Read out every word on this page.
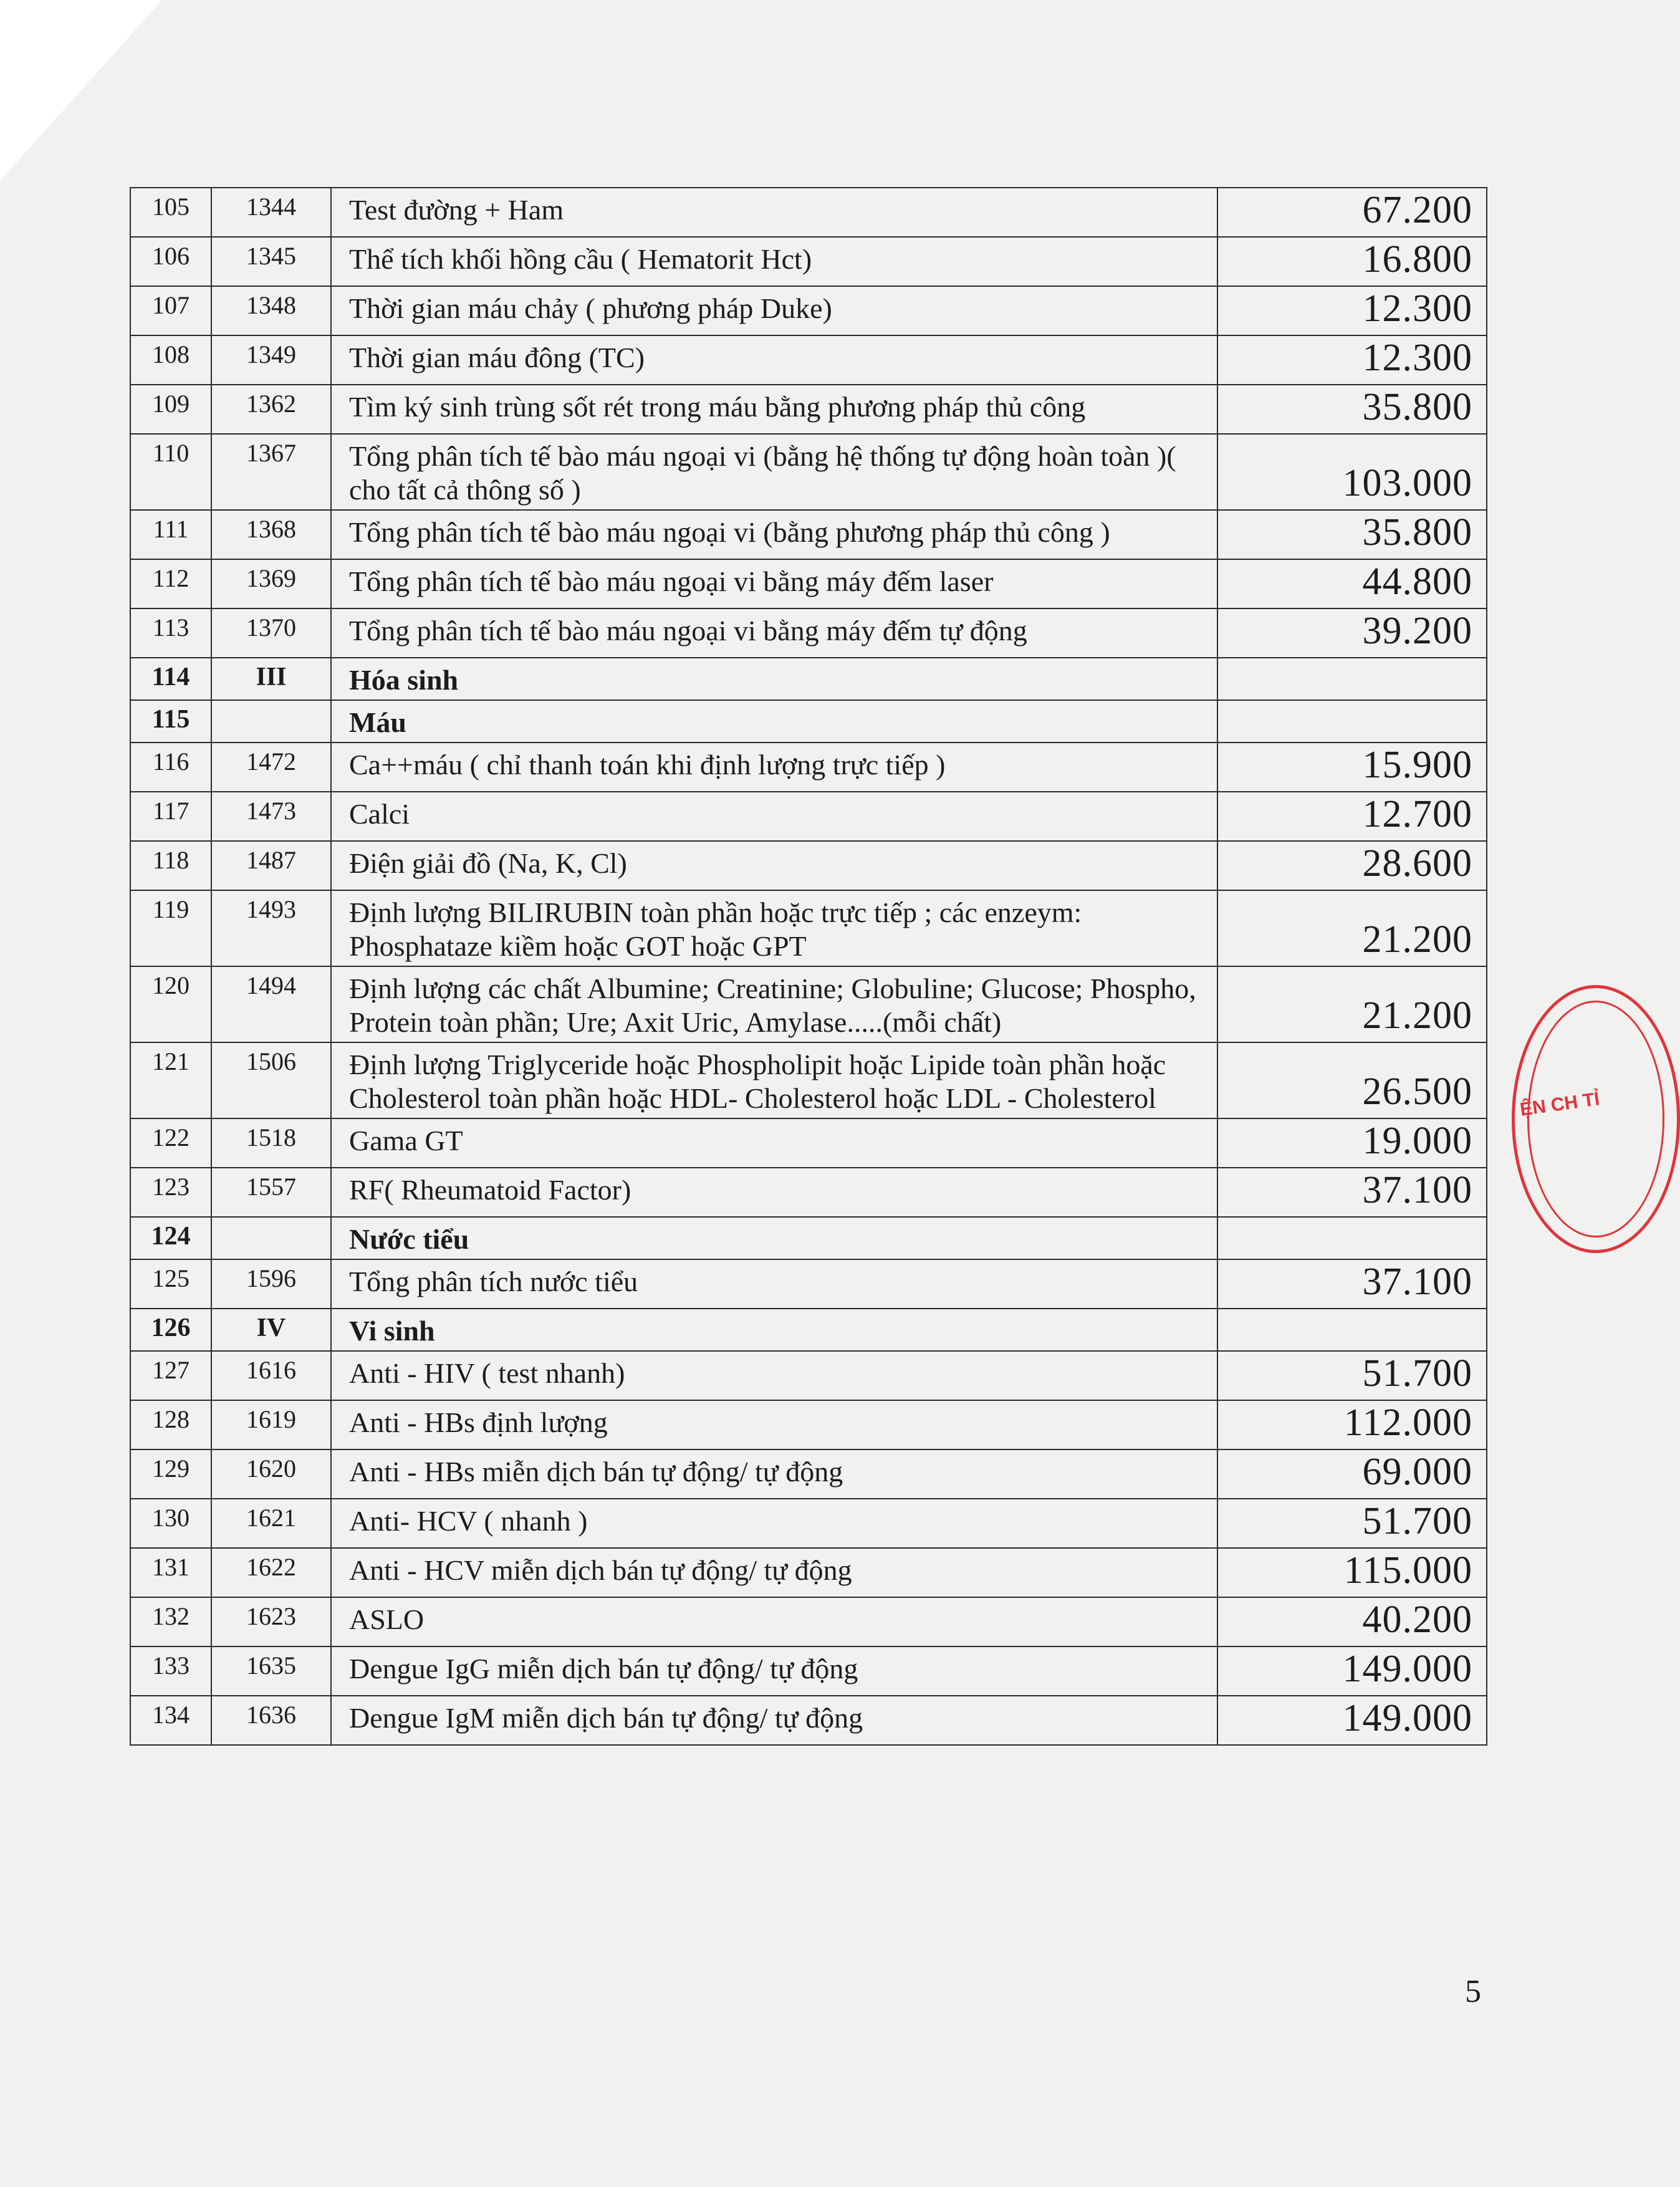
105	1344	Test đường + Ham	67.200
106	1345	Thể tích khối hồng cầu ( Hematorit Hct)	16.800
107	1348	Thời gian máu chảy ( phương pháp Duke)	12.300
108	1349	Thời gian máu đông (TC)	12.300
109	1362	Tìm ký sinh trùng sốt rét trong máu bằng phương pháp thủ công	35.800
110	1367	Tổng phân tích tế bào máu ngoại vi (bằng hệ thống tự động hoàn toàn )( cho tất cả thông số )	103.000
111	1368	Tổng phân tích tế bào máu ngoại vi (bằng phương pháp thủ công )	35.800
112	1369	Tổng phân tích tế bào máu ngoại vi bằng máy đếm laser	44.800
113	1370	Tổng phân tích tế bào máu ngoại vi bằng máy đếm tự động	39.200
114	III	Hóa sinh	
115		Máu	
116	1472	Ca++máu ( chỉ thanh toán khi định lượng trực tiếp )	15.900
117	1473	Calci	12.700
118	1487	Điện giải đồ (Na, K, Cl)	28.600
119	1493	Định lượng BILIRUBIN toàn phần hoặc trực tiếp ; các enzeym: Phosphataze kiềm hoặc GOT hoặc GPT	21.200
120	1494	Định lượng các chất Albumine; Creatinine; Globuline; Glucose; Phospho, Protein toàn phần; Ure; Axit Uric, Amylase.....(mỗi chất)	21.200
121	1506	Định lượng Triglyceride hoặc Phospholipit hoặc Lipide toàn phần hoặc Cholesterol toàn phần hoặc HDL- Cholesterol hoặc LDL - Cholesterol	26.500
122	1518	Gama GT	19.000
123	1557	RF( Rheumatoid Factor)	37.100
124		Nước tiểu	
125	1596	Tổng phân tích nước tiểu	37.100
126	IV	Vi sinh	
127	1616	Anti - HIV ( test nhanh)	51.700
128	1619	Anti - HBs định lượng	112.000
129	1620	Anti - HBs miễn dịch bán tự động/ tự động	69.000
130	1621	Anti- HCV ( nhanh )	51.700
131	1622	Anti - HCV miễn dịch bán tự động/ tự động	115.000
132	1623	ASLO	40.200
133	1635	Dengue IgG miễn dịch bán tự động/ tự động	149.000
134	1636	Dengue IgM miễn dịch bán tự động/ tự động	149.000
5
ỆN CH TỈ
